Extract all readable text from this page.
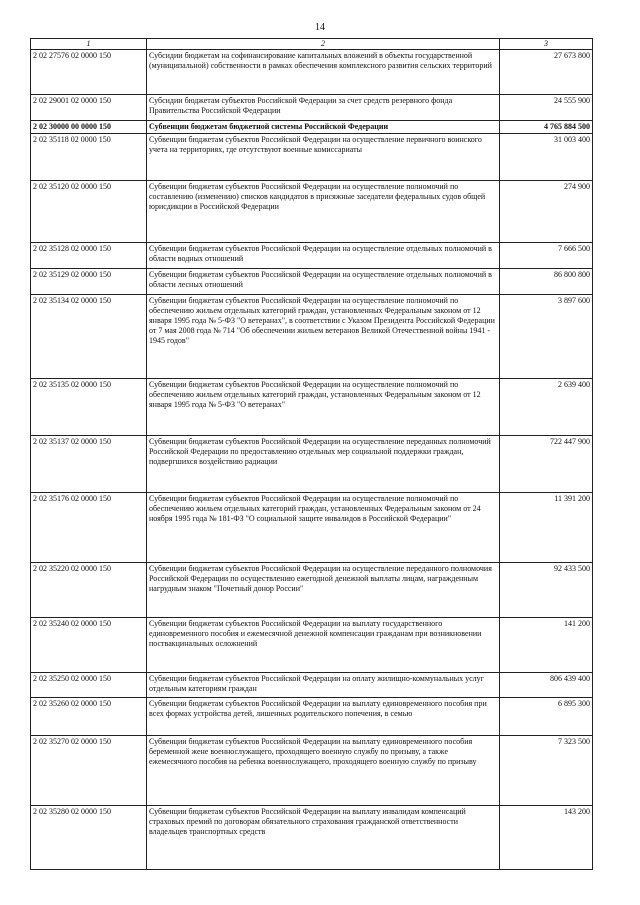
14
1	2	3
2 02 27576 02 0000 150	Субсидии бюджетам на софинансирование капитальных вложений в объекты государственной (муниципальной) собственности в рамках обеспечения комплексного развития сельских территорий	27 673 800
2 02 29001 02 0000 150	Субсидии бюджетам субъектов Российской Федерации за счет средств резервного фонда Правительства Российской Федерации	24 555 900
2 02 30000 00 0000 150	Субвенции бюджетам бюджетной системы Российской Федерации	4 765 884 500
2 02 35118 02 0000 150	Субвенции бюджетам субъектов Российской Федерации на осуществление первичного воинского учета на территориях, где отсутствуют военные комиссариаты	31 003 400
2 02 35120 02 0000 150	Субвенции бюджетам субъектов Российской Федерации на осуществление полномочий по составлению (изменению) списков кандидатов в присяжные заседатели федеральных судов общей юрисдикции в Российской Федерации	274 900
2 02 35128 02 0000 150	Субвенции бюджетам субъектов Российской Федерации на осуществление отдельных полномочий в области водных отношений	7 666 500
2 02 35129 02 0000 150	Субвенции бюджетам субъектов Российской Федерации на осуществление отдельных полномочий в области лесных отношений	86 800 800
2 02 35134 02 0000 150	Субвенции бюджетам субъектов Российской Федерации на осуществление полномочий по обеспечению жильем отдельных категорий граждан, установленных Федеральным законом от 12 января 1995 года № 5-ФЗ "О ветеранах", в соответствии с Указом Президента Российской Федерации от 7 мая 2008 года № 714 "Об обеспечении жильем ветеранов Великой Отечественной войны 1941 - 1945 годов"	3 897 600
2 02 35135 02 0000 150	Субвенции бюджетам субъектов Российской Федерации на осуществление полномочий по обеспечению жильем отдельных категорий граждан, установленных Федеральным законом от 12 января 1995 года № 5-ФЗ "О ветеранах"	2 639 400
2 02 35137 02 0000 150	Субвенции бюджетам субъектов Российской Федерации на осуществление переданных полномочий Российской Федерации по предоставлению отдельных мер социальной поддержки граждан, подвергшихся воздействию радиации	722 447 900
2 02 35176 02 0000 150	Субвенции бюджетам субъектов Российской Федерации на осуществление полномочий по обеспечению жильем отдельных категорий граждан, установленных Федеральным законом от 24 ноября 1995 года № 181-ФЗ "О социальной защите инвалидов в Российской Федерации"	11 391 200
2 02 35220 02 0000 150	Субвенции бюджетам субъектов Российской Федерации на осуществление переданного полномочия Российской Федерации по осуществлению ежегодной денежной выплаты лицам, награжденным нагрудным знаком "Почетный донор России"	92 433 500
2 02 35240 02 0000 150	Субвенции бюджетам субъектов Российской Федерации на выплату государственного единовременного пособия и ежемесячной денежной компенсации гражданам при возникновении поствакцинальных осложнений	141 200
2 02 35250 02 0000 150	Субвенции бюджетам субъектов Российской Федерации на оплату жилищно-коммунальных услуг отдельным категориям граждан	806 439 400
2 02 35260 02 0000 150	Субвенции бюджетам субъектов Российской Федерации на выплату единовременного пособия при всех формах устройства детей, лишенных родительского попечения, в семью	6 895 300
2 02 35270 02 0000 150	Субвенции бюджетам субъектов Российской Федерации на выплату единовременного пособия беременной жене военнослужащего, проходящего военную службу по призыву, а также ежемесячного пособия на ребенка военнослужащего, проходящего военную службу по призыву	7 323 500
2 02 35280 02 0000 150	Субвенции бюджетам субъектов Российской Федерации на выплату инвалидам компенсаций страховых премий по договорам обязательного страхования гражданской ответственности владельцев транспортных средств	143 200
